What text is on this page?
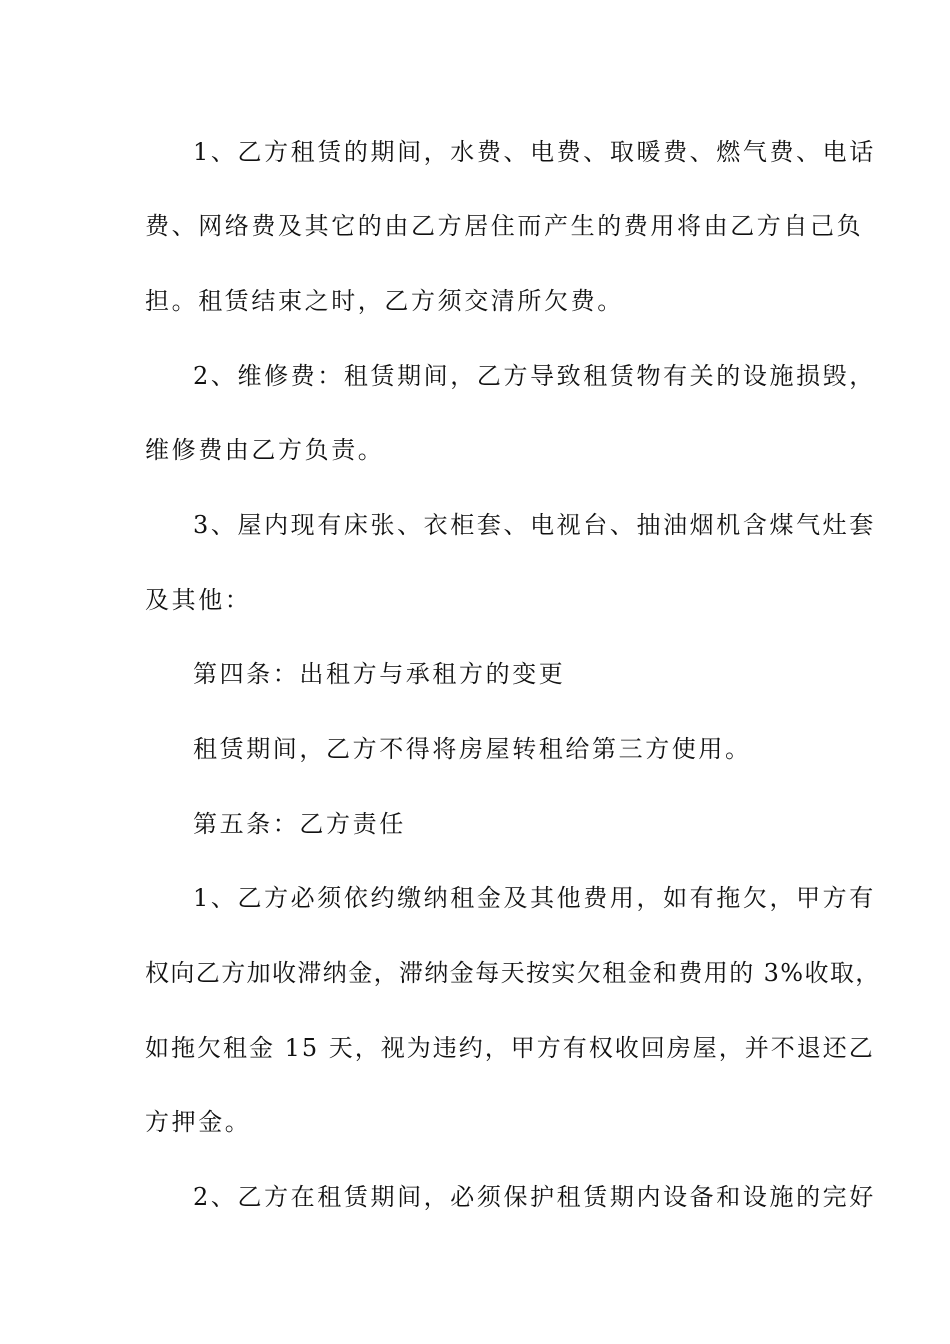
1、乙方租赁的期间，水费、电费、取暖费、燃气费、电话
费、网络费及其它的由乙方居住而产生的费用将由乙方自己负
担。租赁结束之时，乙方须交清所欠费。
2、维修费：租赁期间，乙方导致租赁物有关的设施损毁，
维修费由乙方负责。
3、屋内现有床张、衣柜套、电视台、抽油烟机含煤气灶套
及其他：
第四条：出租方与承租方的变更
租赁期间，乙方不得将房屋转租给第三方使用。
第五条：乙方责任
1、乙方必须依约缴纳租金及其他费用，如有拖欠，甲方有
权向乙方加收滞纳金，滞纳金每天按实欠租金和费用的 3%收取，
如拖欠租金 15 天，视为违约，甲方有权收回房屋，并不退还乙
方押金。
2、乙方在租赁期间，必须保护租赁期内设备和设施的完好
